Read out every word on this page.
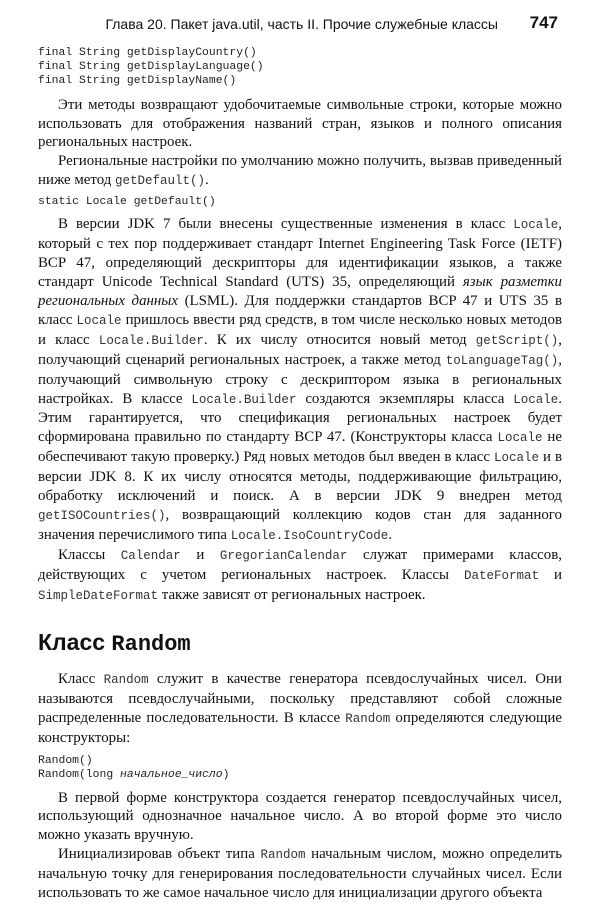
Глава 20. Пакет java.util, часть II. Прочие служебные классы 747
final String getDisplayCountry()
final String getDisplayLanguage()
final String getDisplayName()

Эти методы возвращают удобочитаемые символьные строки, которые можно использовать для отображения названий стран, языков и полного описания региональных настроек.

Региональные настройки по умолчанию можно получить, вызвав приведенный ниже метод getDefault().

static Locale getDefault()

В версии JDK 7 были внесены существенные изменения в класс Locale, который с тех пор поддерживает стандарт Internet Engineering Task Force (IETF) BCP 47, определяющий дескрипторы для идентификации языков, а также стандарт Unicode Technical Standard (UTS) 35, определяющий язык разметки региональных данных (LSML). Для поддержки стандартов BCP 47 и UTS 35 в класс Locale пришлось ввести ряд средств, в том числе несколько новых методов и класс Locale.Builder. К их числу относится новый метод getScript(), получающий сценарий региональных настроек, а также метод toLanguageTag(), получающий символьную строку с дескриптором языка в региональных настройках. В классе Locale.Builder создаются экземпляры класса Locale. Этим гарантируется, что спецификация региональных настроек будет сформирована правильно по стандарту BCP 47. (Конструкторы класса Locale не обеспечивают такую проверку.) Ряд новых методов был введен в класс Locale и в версии JDK 8. К их числу относятся методы, поддерживающие фильтрацию, обработку исключений и поиск. А в версии JDK 9 внедрен метод getISOCountries(), возвращающий коллекцию кодов стан для заданного значения перечислимого типа Locale.IsoCountryCode.

Классы Calendar и GregorianCalendar служат примерами классов, действующих с учетом региональных настроек. Классы DateFormat и SimpleDateFormat также зависят от региональных настроек.

Класс Random

Класс Random служит в качестве генератора псевдослучайных чисел. Они называются псевдослучайными, поскольку представляют собой сложные распределенные последовательности. В классе Random определяются следующие конструкторы:

Random()
Random(long начальное_число)

В первой форме конструктора создается генератор псевдослучайных чисел, использующий однозначное начальное число. А во второй форме это число можно указать вручную.

Инициализировав объект типа Random начальным числом, можно определить начальную точку для генерирования последовательности случайных чисел. Если использовать то же самое начальное число для инициализации другого объекта
